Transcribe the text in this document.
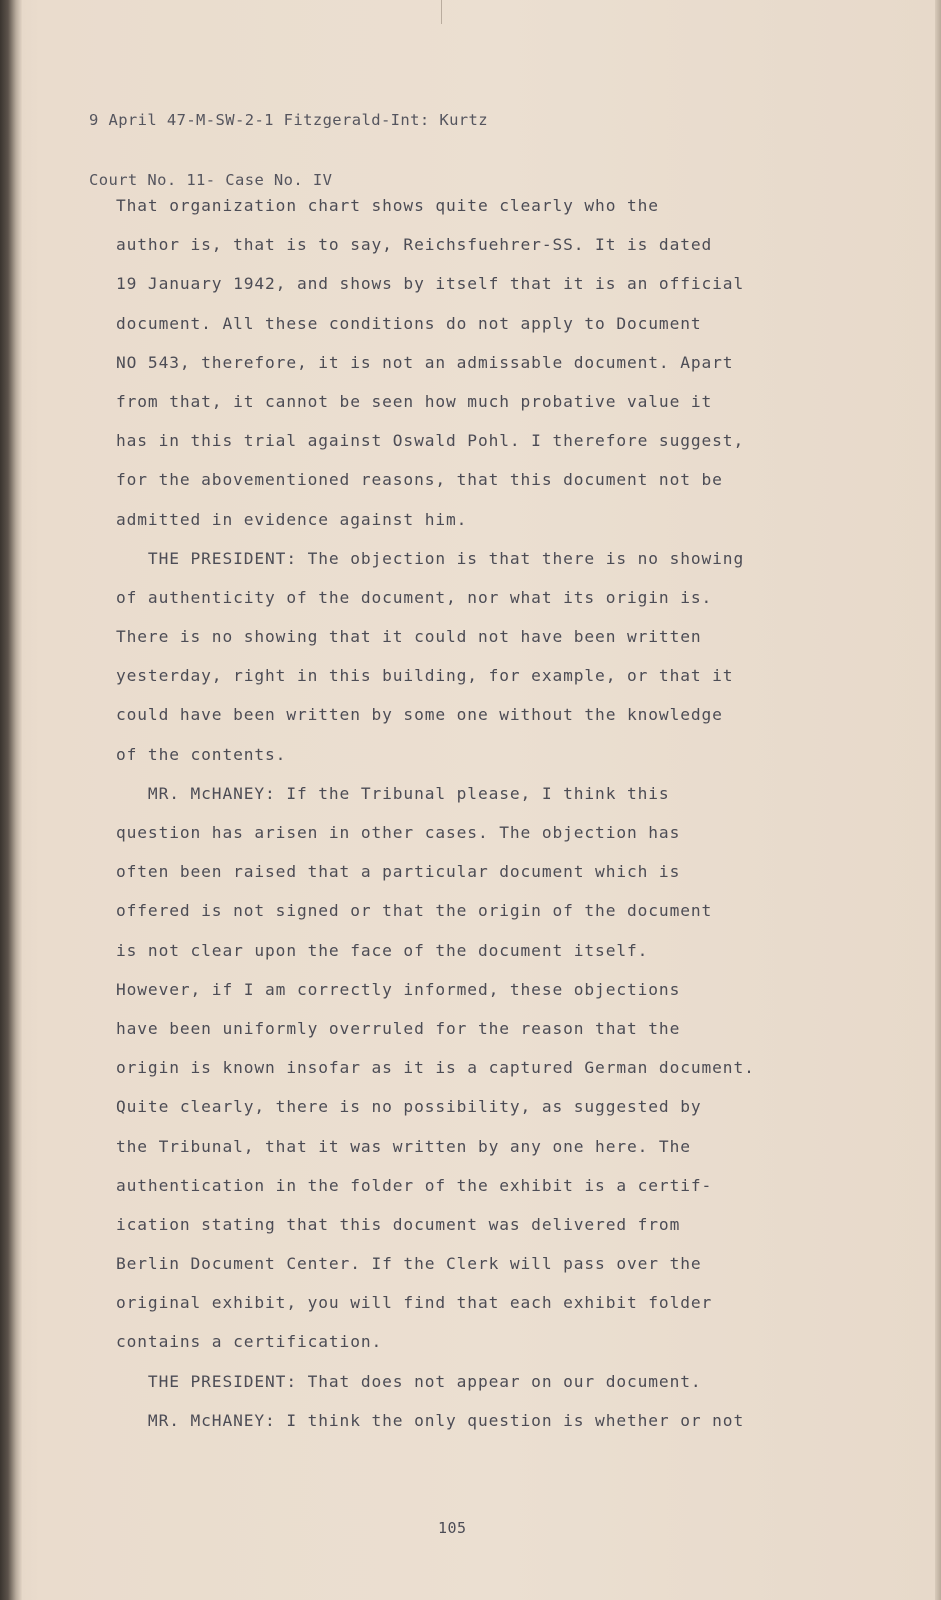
9 April 47-M-SW-2-1 Fitzgerald-Int: Kurtz

Court No. 11- Case No. IV

That organization chart shows quite clearly who the
author is, that is to say, Reichsfuehrer-SS. It is dated
19 January 1942, and shows by itself that it is an official
document. All these conditions do not apply to Document
NO 543, therefore, it is not an admissable document. Apart
from that, it cannot be seen how much probative value it
has in this trial against Oswald Pohl. I therefore suggest,
for the abovementioned reasons, that this document not be
admitted in evidence against him.
THE PRESIDENT: The objection is that there is no showing
of authenticity of the document, nor what its origin is.
There is no showing that it could not have been written
yesterday, right in this building, for example, or that it
could have been written by some one without the knowledge
of the contents.
MR. McHANEY: If the Tribunal please, I think this
question has arisen in other cases. The objection has
often been raised that a particular document which is
offered is not signed or that the origin of the document
is not clear upon the face of the document itself.
However, if I am correctly informed, these objections
have been uniformly overruled for the reason that the
origin is known insofar as it is a captured German document.
Quite clearly, there is no possibility, as suggested by
the Tribunal, that it was written by any one here. The
authentication in the folder of the exhibit is a certif-
ication stating that this document was delivered from
Berlin Document Center. If the Clerk will pass over the
original exhibit, you will find that each exhibit folder
contains a certification.
THE PRESIDENT: That does not appear on our document.
MR. McHANEY: I think the only question is whether or not
105
